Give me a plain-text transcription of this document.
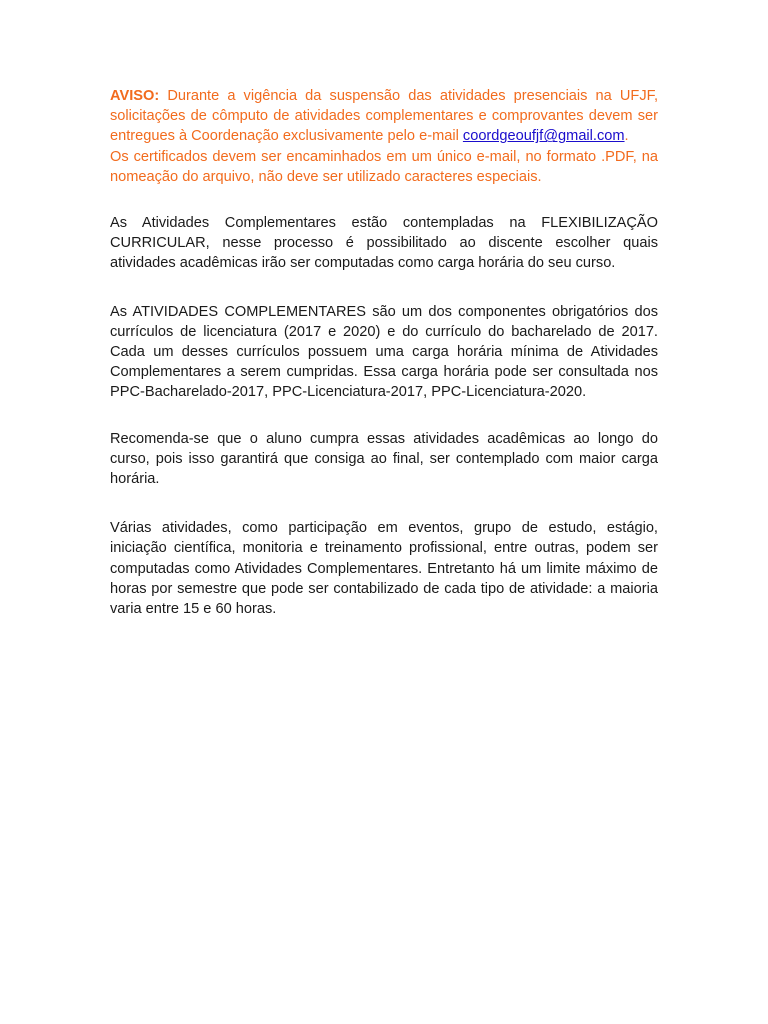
AVISO: Durante a vigência da suspensão das atividades presenciais na UFJF, solicitações de cômputo de atividades complementares e comprovantes devem ser entregues à Coordenação exclusivamente pelo e-mail coordgeoufjf@gmail.com.
Os certificados devem ser encaminhados em um único e-mail, no formato .PDF, na nomeação do arquivo, não deve ser utilizado caracteres especiais.

As Atividades Complementares estão contempladas na FLEXIBILIZAÇÃO CURRICULAR, nesse processo é possibilitado ao discente escolher quais atividades acadêmicas irão ser computadas como carga horária do seu curso.

As ATIVIDADES COMPLEMENTARES são um dos componentes obrigatórios dos currículos de licenciatura (2017 e 2020) e do currículo do bacharelado de 2017. Cada um desses currículos possuem uma carga horária mínima de Atividades Complementares a serem cumpridas. Essa carga horária pode ser consultada nos PPC-Bacharelado-2017, PPC-Licenciatura-2017, PPC-Licenciatura-2020.

Recomenda-se que o aluno cumpra essas atividades acadêmicas ao longo do curso, pois isso garantirá que consiga ao final, ser contemplado com maior carga horária.

Várias atividades, como participação em eventos, grupo de estudo, estágio, iniciação científica, monitoria e treinamento profissional, entre outras, podem ser computadas como Atividades Complementares. Entretanto há um limite máximo de horas por semestre que pode ser contabilizado de cada tipo de atividade: a maioria varia entre 15 e 60 horas.
